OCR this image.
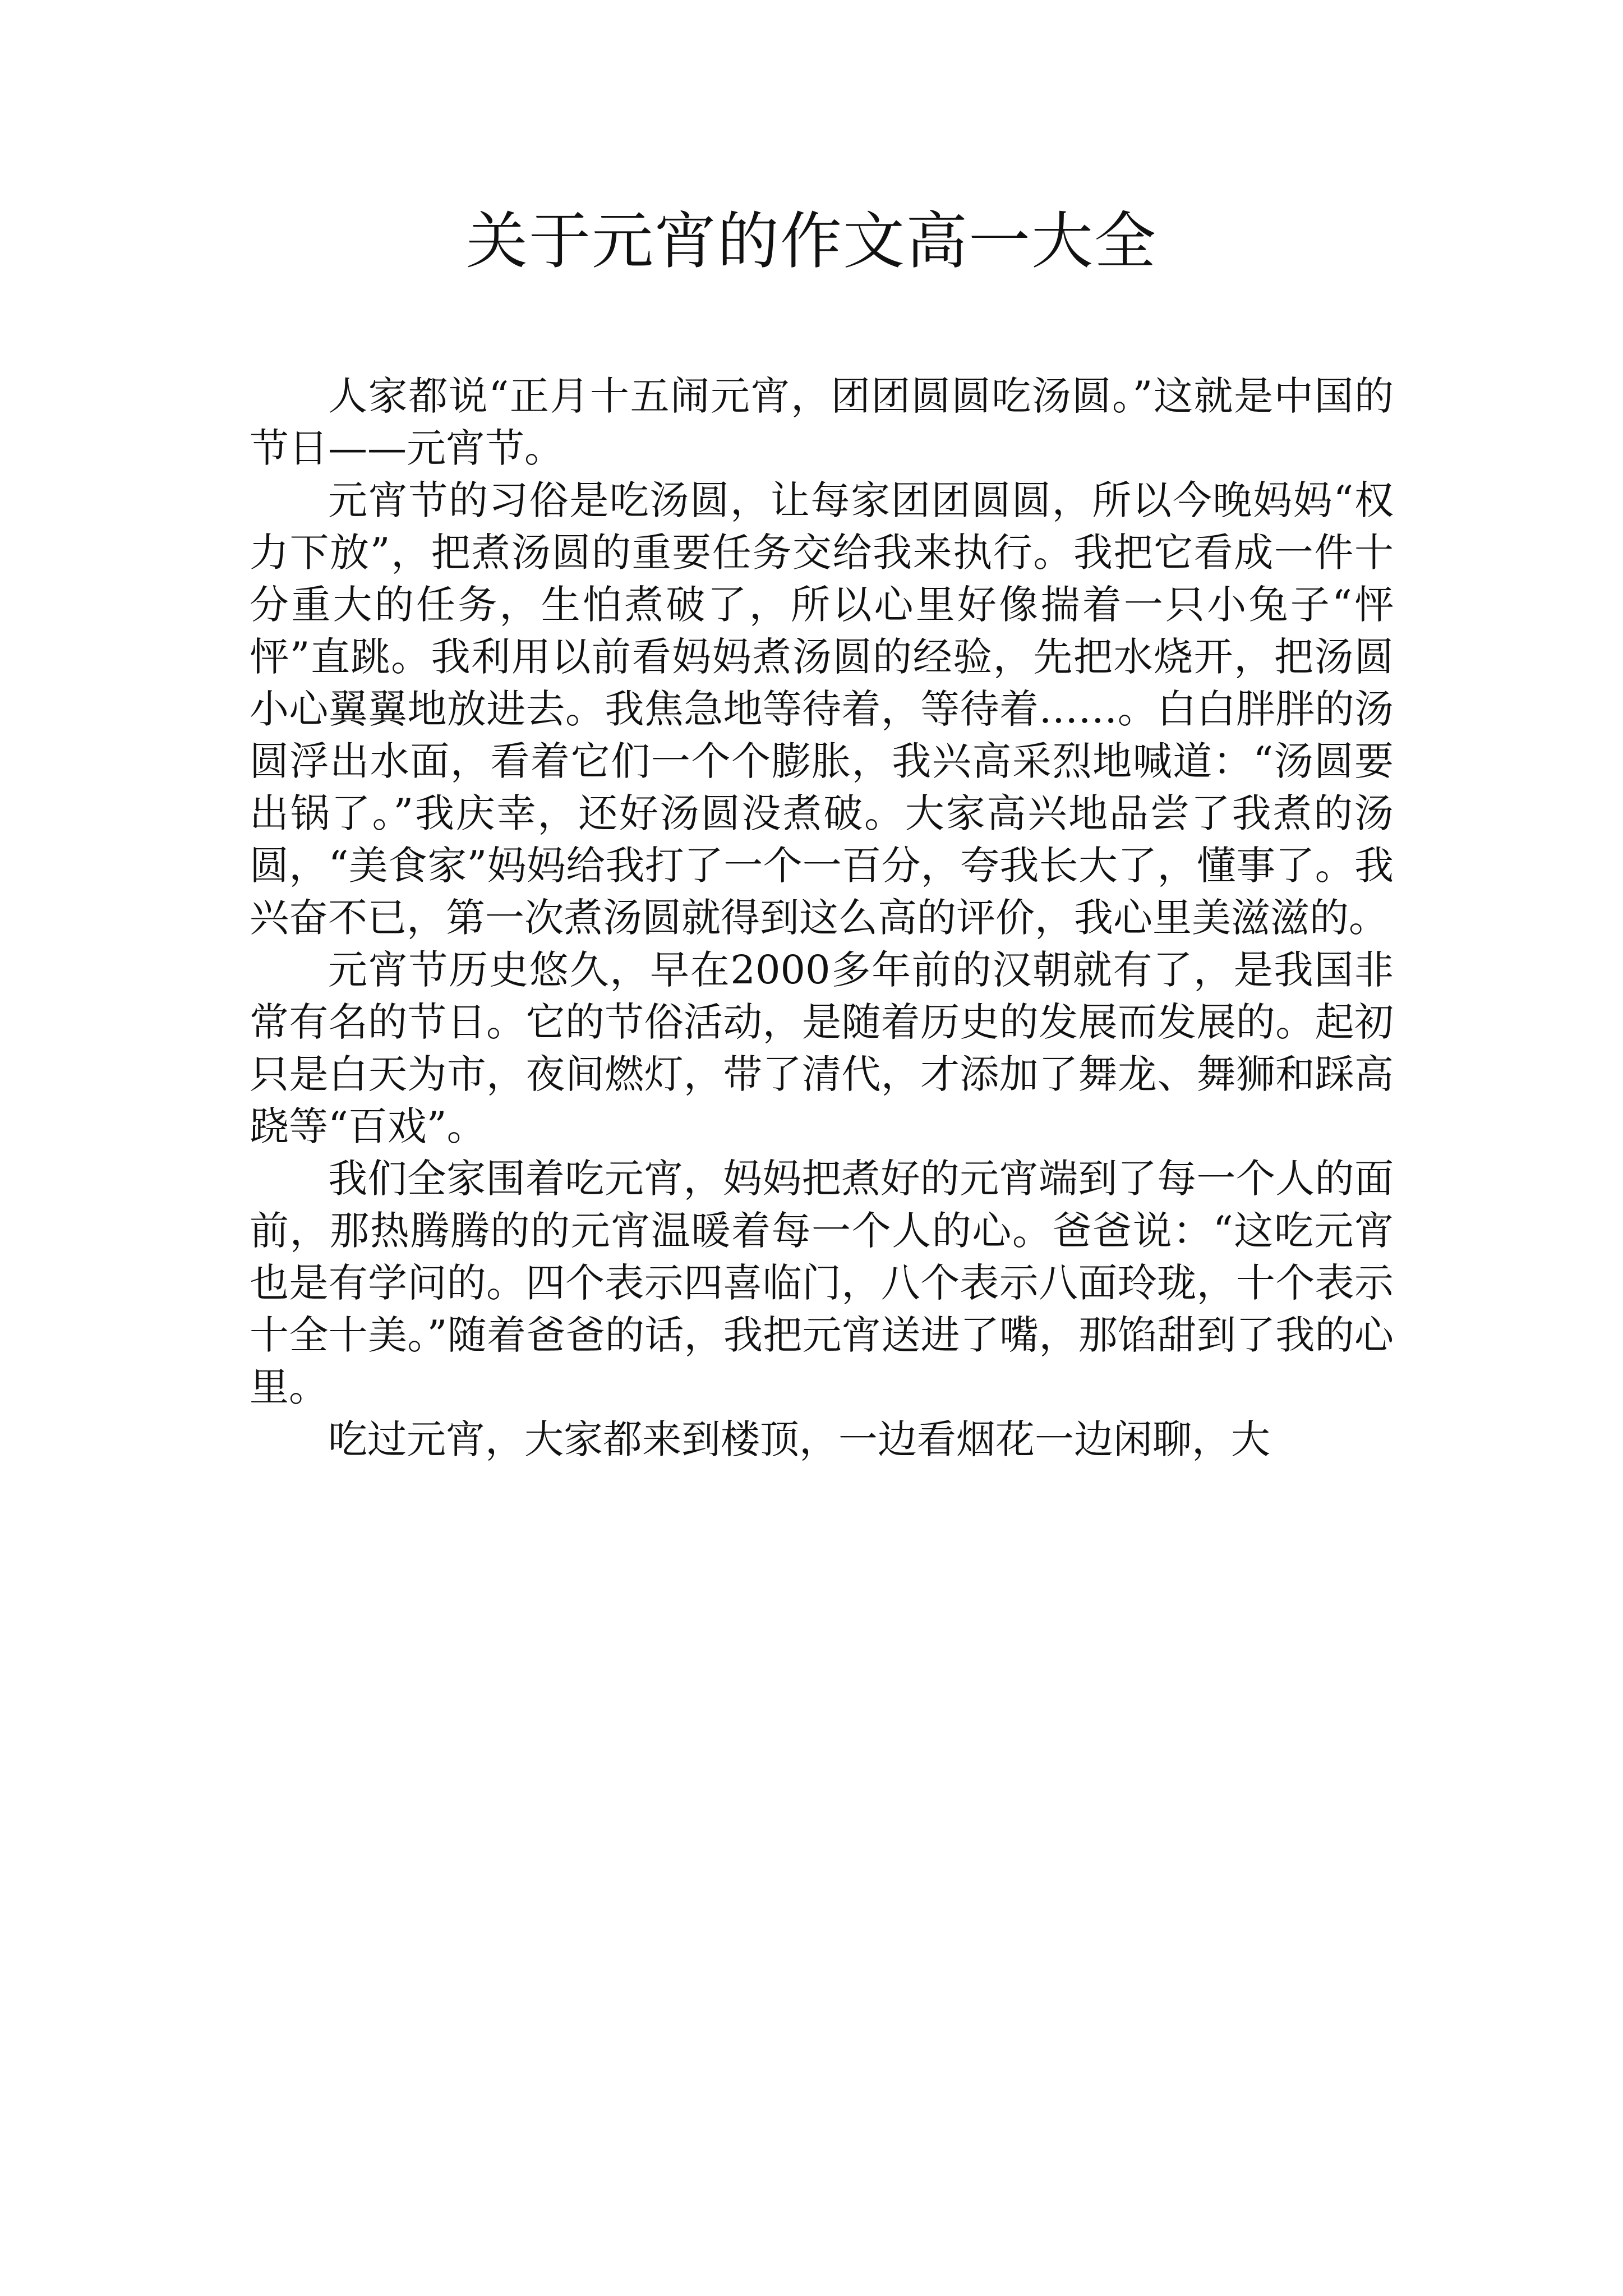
关于元宵的作文高一大全

人家都说“正月十五闹元宵，团团圆圆吃汤圆。”这就是中国的节日——元宵节。

元宵节的习俗是吃汤圆，让每家团团圆圆，所以今晚妈妈“权力下放”，把煮汤圆的重要任务交给我来执行。我把它看成一件十分重大的任务，生怕煮破了，所以心里好像揣着一只小兔子“怦怦”直跳。我利用以前看妈妈煮汤圆的经验，先把水烧开，把汤圆小心翼翼地放进去。我焦急地等待着，等待着……。白白胖胖的汤圆浮出水面，看着它们一个个膨胀，我兴高采烈地喊道：“汤圆要出锅了。”我庆幸，还好汤圆没煮破。大家高兴地品尝了我煮的汤圆，“美食家”妈妈给我打了一个一百分，夸我长大了，懂事了。我兴奋不已，第一次煮汤圆就得到这么高的评价，我心里美滋滋的。

元宵节历史悠久，早在2000多年前的汉朝就有了，是我国非常有名的节日。它的节俗活动，是随着历史的发展而发展的。起初只是白天为市，夜间燃灯，带了清代，才添加了舞龙、舞狮和踩高跷等“百戏”。

我们全家围着吃元宵，妈妈把煮好的元宵端到了每一个人的面前，那热腾腾的的元宵温暖着每一个人的心。爸爸说：“这吃元宵也是有学问的。四个表示四喜临门，八个表示八面玲珑，十个表示十全十美。”随着爸爸的话，我把元宵送进了嘴，那馅甜到了我的心里。

吃过元宵，大家都来到楼顶，一边看烟花一边闲聊，大
